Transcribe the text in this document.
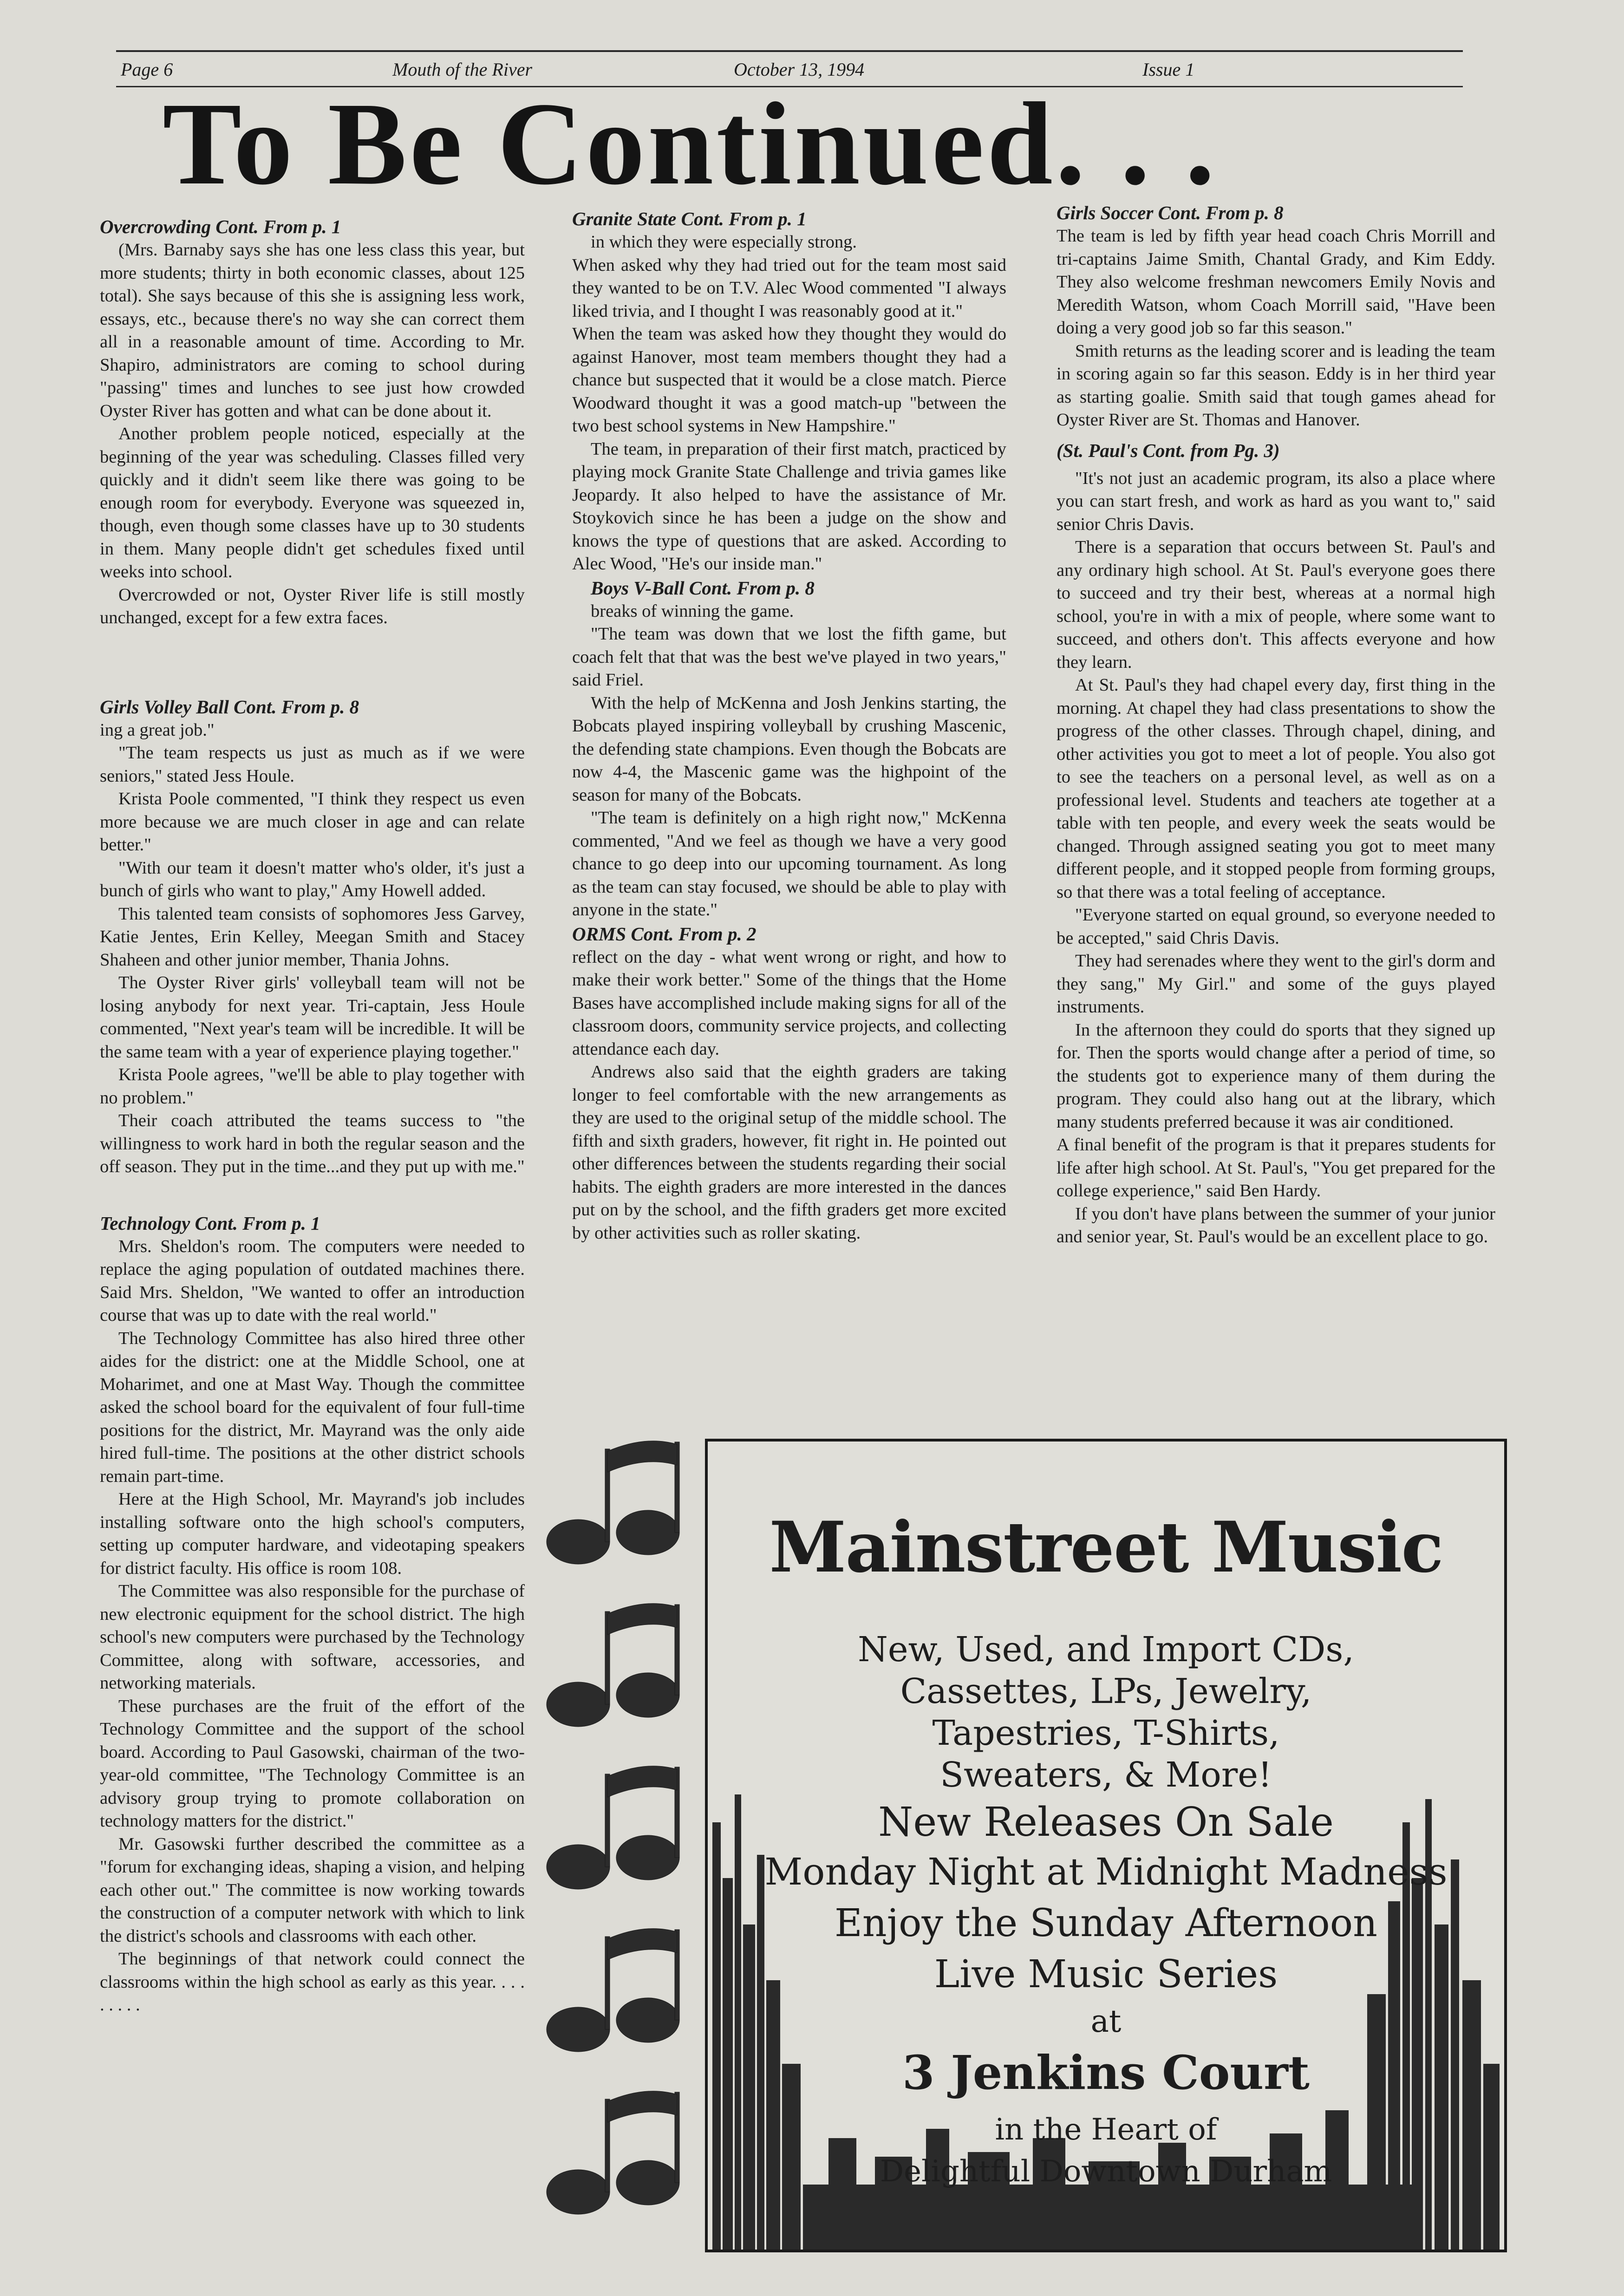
Page 6	Mouth of the River	October 13, 1994	Issue 1
To Be Continued. . .
Overcrowding Cont. From p. 1

(Mrs. Barnaby says she has one less class this year, but more students; thirty in both economic classes, about 125 total). She says because of this she is assigning less work, essays, etc., because there's no way she can correct them all in a reasonable amount of time. According to Mr. Shapiro, administrators are coming to school during "passing" times and lunches to see just how crowded Oyster River has gotten and what can be done about it.

Another problem people noticed, especially at the beginning of the year was scheduling. Classes filled very quickly and it didn't seem like there was going to be enough room for everybody. Everyone was squeezed in, though, even though some classes have up to 30 students in them. Many people didn't get schedules fixed until weeks into school.

Overcrowded or not, Oyster River life is still mostly unchanged, except for a few extra faces.

Girls Volley Ball Cont. From p. 8

ing a great job."

"The team respects us just as much as if we were seniors," stated Jess Houle.

Krista Poole commented, "I think they respect us even more because we are much closer in age and can relate better."

"With our team it doesn't matter who's older, it's just a bunch of girls who want to play," Amy Howell added.

This talented team consists of sophomores Jess Garvey, Katie Jentes, Erin Kelley, Meegan Smith and Stacey Shaheen and other junior member, Thania Johns.

The Oyster River girls' volleyball team will not be losing anybody for next year. Tri-captain, Jess Houle commented, "Next year's team will be incredible. It will be the same team with a year of experience playing together."

Krista Poole agrees, "we'll be able to play together with no problem."

Their coach attributed the teams success to "the willingness to work hard in both the regular season and the off season. They put in the time...and they put up with me."

Technology Cont. From p. 1

Mrs. Sheldon's room. The computers were needed to replace the aging population of outdated machines there. Said Mrs. Sheldon, "We wanted to offer an introduction course that was up to date with the real world."

The Technology Committee has also hired three other aides for the district: one at the Middle School, one at Moharimet, and one at Mast Way. Though the committee asked the school board for the equivalent of four full-time positions for the district, Mr. Mayrand was the only aide hired full-time. The positions at the other district schools remain part-time.

Here at the High School, Mr. Mayrand's job includes installing software onto the high school's computers, setting up computer hardware, and videotaping speakers for district faculty. His office is room 108.

The Committee was also responsible for the purchase of new electronic equipment for the school district. The high school's new computers were purchased by the Technology Committee, along with software, accessories, and networking materials.

These purchases are the fruit of the effort of the Technology Committee and the support of the school board. According to Paul Gasowski, chairman of the two-year-old committee, "The Technology Committee is an advisory group trying to promote collaboration on technology matters for the district."

Mr. Gasowski further described the committee as a "forum for exchanging ideas, shaping a vision, and helping each other out." The committee is now working towards the construction of a computer network with which to link the district's schools and classrooms with each other.

The beginnings of that network could connect the classrooms within the high school as early as this year. . . . . . . . .

Granite State Cont. From p. 1

in which they were especially strong.

When asked why they had tried out for the team most said they wanted to be on T.V. Alec Wood commented "I always liked trivia, and I thought I was reasonably good at it."

When the team was asked how they thought they would do against Hanover, most team members thought they had a chance but suspected that it would be a close match. Pierce Woodward thought it was a good match-up "between the two best school systems in New Hampshire."

The team, in preparation of their first match, practiced by playing mock Granite State Challenge and trivia games like Jeopardy. It also helped to have the assistance of Mr. Stoykovich since he has been a judge on the show and knows the type of questions that are asked. According to Alec Wood, "He's our inside man."

Boys V-Ball Cont. From p. 8

breaks of winning the game.

"The team was down that we lost the fifth game, but coach felt that that was the best we've played in two years," said Friel.

With the help of McKenna and Josh Jenkins starting, the Bobcats played inspiring volleyball by crushing Mascenic, the defending state champions. Even though the Bobcats are now 4-4, the Mascenic game was the highpoint of the season for many of the Bobcats.

"The team is definitely on a high right now," McKenna commented, "And we feel as though we have a very good chance to go deep into our upcoming tournament. As long as the team can stay focused, we should be able to play with anyone in the state."

ORMS Cont. From p. 2

reflect on the day - what went wrong or right, and how to make their work better." Some of the things that the Home Bases have accomplished include making signs for all of the classroom doors, community service projects, and collecting attendance each day.

Andrews also said that the eighth graders are taking longer to feel comfortable with the new arrangements as they are used to the original setup of the middle school. The fifth and sixth graders, however, fit right in. He pointed out other differences between the students regarding their social habits. The eighth graders are more interested in the dances put on by the school, and the fifth graders get more excited by other activities such as roller skating.

Girls Soccer Cont. From p. 8

The team is led by fifth year head coach Chris Morrill and tri-captains Jaime Smith, Chantal Grady, and Kim Eddy. They also welcome freshman newcomers Emily Novis and Meredith Watson, whom Coach Morrill said, "Have been doing a very good job so far this season."

Smith returns as the leading scorer and is leading the team in scoring again so far this season. Eddy is in her third year as starting goalie. Smith said that tough games ahead for Oyster River are St. Thomas and Hanover.

(St. Paul's Cont. from Pg. 3)

"It's not just an academic program, its also a place where you can start fresh, and work as hard as you want to," said senior Chris Davis.

There is a separation that occurs between St. Paul's and any ordinary high school. At St. Paul's everyone goes there to succeed and try their best, whereas at a normal high school, you're in with a mix of people, where some want to succeed, and others don't. This affects everyone and how they learn.

At St. Paul's they had chapel every day, first thing in the morning. At chapel they had class presentations to show the progress of the other classes. Through chapel, dining, and other activities you got to meet a lot of people. You also got to see the teachers on a personal level, as well as on a professional level. Students and teachers ate together at a table with ten people, and every week the seats would be changed. Through assigned seating you got to meet many different people, and it stopped people from forming groups, so that there was a total feeling of acceptance.

"Everyone started on equal ground, so everyone needed to be accepted," said Chris Davis.

They had serenades where they went to the girl's dorm and they sang," My Girl." and some of the guys played instruments.

In the afternoon they could do sports that they signed up for. Then the sports would change after a period of time, so the students got to experience many of them during the program. They could also hang out at the library, which many students preferred because it was air conditioned.

A final benefit of the program is that it prepares students for life after high school. At St. Paul's, "You get prepared for the college experience," said Ben Hardy.

If you don't have plans between the summer of your junior and senior year, St. Paul's would be an excellent place to go.

Mainstreet Music
New, Used, and Import CDs,
Cassettes, LPs, Jewelry,
Tapestries, T-Shirts,
Sweaters, & More!
New Releases On Sale
Monday Night at Midnight Madness
Enjoy the Sunday Afternoon
Live Music Series
at
3 Jenkins Court
in the Heart of
Delightful Downtown Durham
